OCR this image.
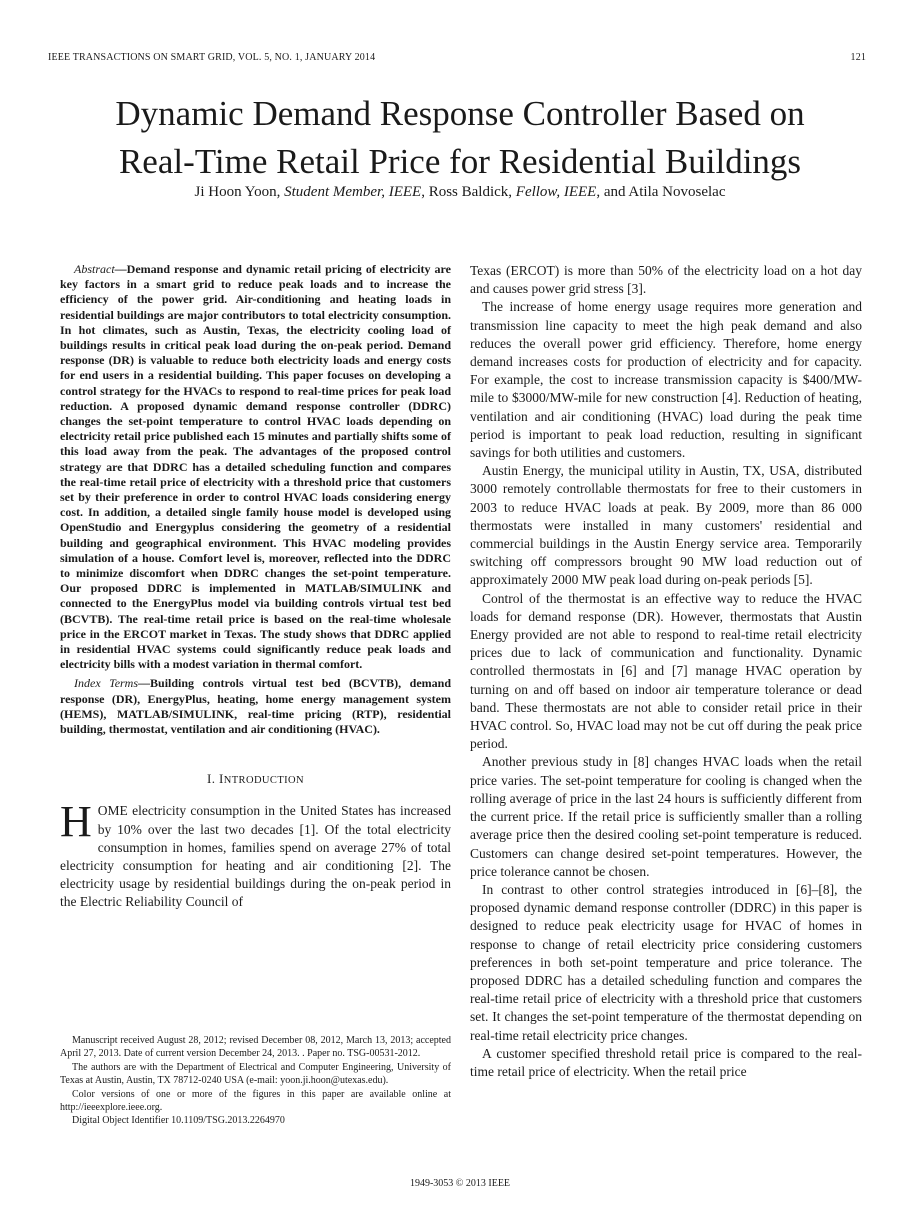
IEEE TRANSACTIONS ON SMART GRID, VOL. 5, NO. 1, JANUARY 2014	121
Dynamic Demand Response Controller Based on
Real-Time Retail Price for Residential Buildings
Ji Hoon Yoon, Student Member, IEEE, Ross Baldick, Fellow, IEEE, and Atila Novoselac

Abstract—Demand response and dynamic retail pricing of electricity are key factors in a smart grid to reduce peak loads and to increase the efficiency of the power grid. Air-conditioning and heating loads in residential buildings are major contributors to total electricity consumption. In hot climates, such as Austin, Texas, the electricity cooling load of buildings results in critical peak load during the on-peak period. Demand response (DR) is valuable to reduce both electricity loads and energy costs for end users in a residential building. This paper focuses on developing a control strategy for the HVACs to respond to real-time prices for peak load reduction. A proposed dynamic demand response controller (DDRC) changes the set-point temperature to control HVAC loads depending on electricity retail price published each 15 minutes and partially shifts some of this load away from the peak. The advantages of the proposed control strategy are that DDRC has a detailed scheduling function and compares the real-time retail price of electricity with a threshold price that customers set by their preference in order to control HVAC loads considering energy cost. In addition, a detailed single family house model is developed using OpenStudio and Energyplus considering the geometry of a residential building and geographical environment. This HVAC modeling provides simulation of a house. Comfort level is, moreover, reflected into the DDRC to minimize discomfort when DDRC changes the set-point temperature. Our proposed DDRC is implemented in MATLAB/SIMULINK and connected to the EnergyPlus model via building controls virtual test bed (BCVTB). The real-time retail price is based on the real-time wholesale price in the ERCOT market in Texas. The study shows that DDRC applied in residential HVAC systems could significantly reduce peak loads and electricity bills with a modest variation in thermal comfort.

Index Terms—Building controls virtual test bed (BCVTB), demand response (DR), EnergyPlus, heating, home energy management system (HEMS), MATLAB/SIMULINK, real-time pricing (RTP), residential building, thermostat, ventilation and air conditioning (HVAC).

I. INTRODUCTION

HOME electricity consumption in the United States has increased by 10% over the last two decades [1]. Of the total electricity consumption in homes, families spend on average 27% of total electricity consumption for heating and air conditioning [2]. The electricity usage by residential buildings during the on-peak period in the Electric Reliability Council of

Texas (ERCOT) is more than 50% of the electricity load on a hot day and causes power grid stress [3].

The increase of home energy usage requires more generation and transmission line capacity to meet the high peak demand and also reduces the overall power grid efficiency. Therefore, home energy demand increases costs for production of electricity and for capacity. For example, the cost to increase transmission capacity is $400/MW-mile to $3000/MW-mile for new construction [4]. Reduction of heating, ventilation and air conditioning (HVAC) load during the peak time period is important to peak load reduction, resulting in significant savings for both utilities and customers.

Austin Energy, the municipal utility in Austin, TX, USA, distributed 3000 remotely controllable thermostats for free to their customers in 2003 to reduce HVAC loads at peak. By 2009, more than 86 000 thermostats were installed in many customers' residential and commercial buildings in the Austin Energy service area. Temporarily switching off compressors brought 90 MW load reduction out of approximately 2000 MW peak load during on-peak periods [5].

Control of the thermostat is an effective way to reduce the HVAC loads for demand response (DR). However, thermostats that Austin Energy provided are not able to respond to real-time retail electricity prices due to lack of communication and functionality. Dynamic controlled thermostats in [6] and [7] manage HVAC operation by turning on and off based on indoor air temperature tolerance or dead band. These thermostats are not able to consider retail price in their HVAC control. So, HVAC load may not be cut off during the peak price period.

Another previous study in [8] changes HVAC loads when the retail price varies. The set-point temperature for cooling is changed when the rolling average of price in the last 24 hours is sufficiently different from the current price. If the retail price is sufficiently smaller than a rolling average price then the desired cooling set-point temperature is reduced. Customers can change desired set-point temperatures. However, the price tolerance cannot be chosen.

In contrast to other control strategies introduced in [6]–[8], the proposed dynamic demand response controller (DDRC) in this paper is designed to reduce peak electricity usage for HVAC of homes in response to change of retail electricity price considering customers preferences in both set-point temperature and price tolerance. The proposed DDRC has a detailed scheduling function and compares the real-time retail price of electricity with a threshold price that customers set. It changes the set-point temperature of the thermostat depending on real-time retail electricity price changes.

A customer specified threshold retail price is compared to the real-time retail price of electricity. When the retail price

Manuscript received August 28, 2012; revised December 08, 2012, March 13, 2013; accepted April 27, 2013. Date of current version December 24, 2013. . Paper no. TSG-00531-2012.

The authors are with the Department of Electrical and Computer Engineering, University of Texas at Austin, Austin, TX 78712-0240 USA (e-mail: yoon.ji.hoon@utexas.edu).

Color versions of one or more of the figures in this paper are available online at http://ieeexplore.ieee.org.

Digital Object Identifier 10.1109/TSG.2013.2264970

1949-3053 © 2013 IEEE
